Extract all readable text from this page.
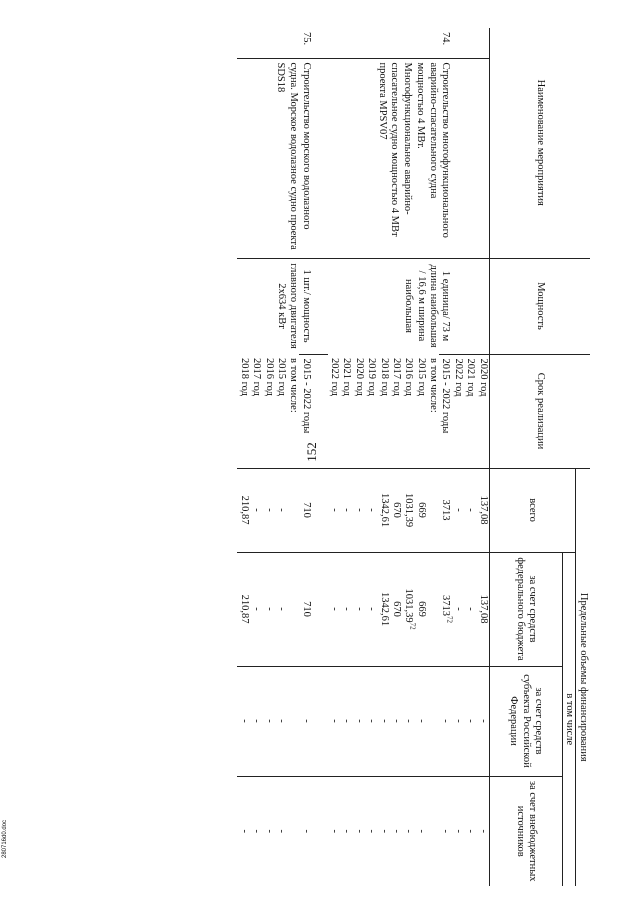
152
280716d0.doc
Наименование мероприятия		Мощность	Срок реализации	Предельные объемы финансирования			
				всего	в том числе		
					за счет средств федерального бюджета	за счет средств субъекта Российской Федерации	за счет внебюджетных источников
			2020 год	137,08	137,08	-	-
			2021 год	-	-	-	-
			2022 год	-	-	-	-
74.	Строительство многофункционального аварийно-спасательного судна мощностью 4 МВт. Многофункциональное аварийно-спасательное судно мощностью 4 МВт проекта MPSV07	1 единица/ 73 м длина наибольшая / 16,6 м ширина наибольшая	2015 - 2022 годы	3713	3713$^{72}$	-	-
			в том числе:				
			2015 год	669	669	-	-
			2016 год	1031,39	1031,39$^{72}$	-	-
			2017 год	670	670	-	-
			2018 год	1342,61	1342,61	-	-
			2019 год	-	-	-	-
			2020 год	-	-	-	-
			2021 год	-	-	-	-
			2022 год	-	-	-	-
75.	Строительство морского водолазного судна. Морское водолазное судно проекта SDS18	1 шт./ мощность главного двигателя 2х634 кВт	2015 - 2022 годы	710	710	-	-
			в том числе:				
			2015 год	-	-	-	-
			2016 год	-	-	-	-
			2017 год	-	-	-	-
			2018 год	210,87	210,87	-	-
